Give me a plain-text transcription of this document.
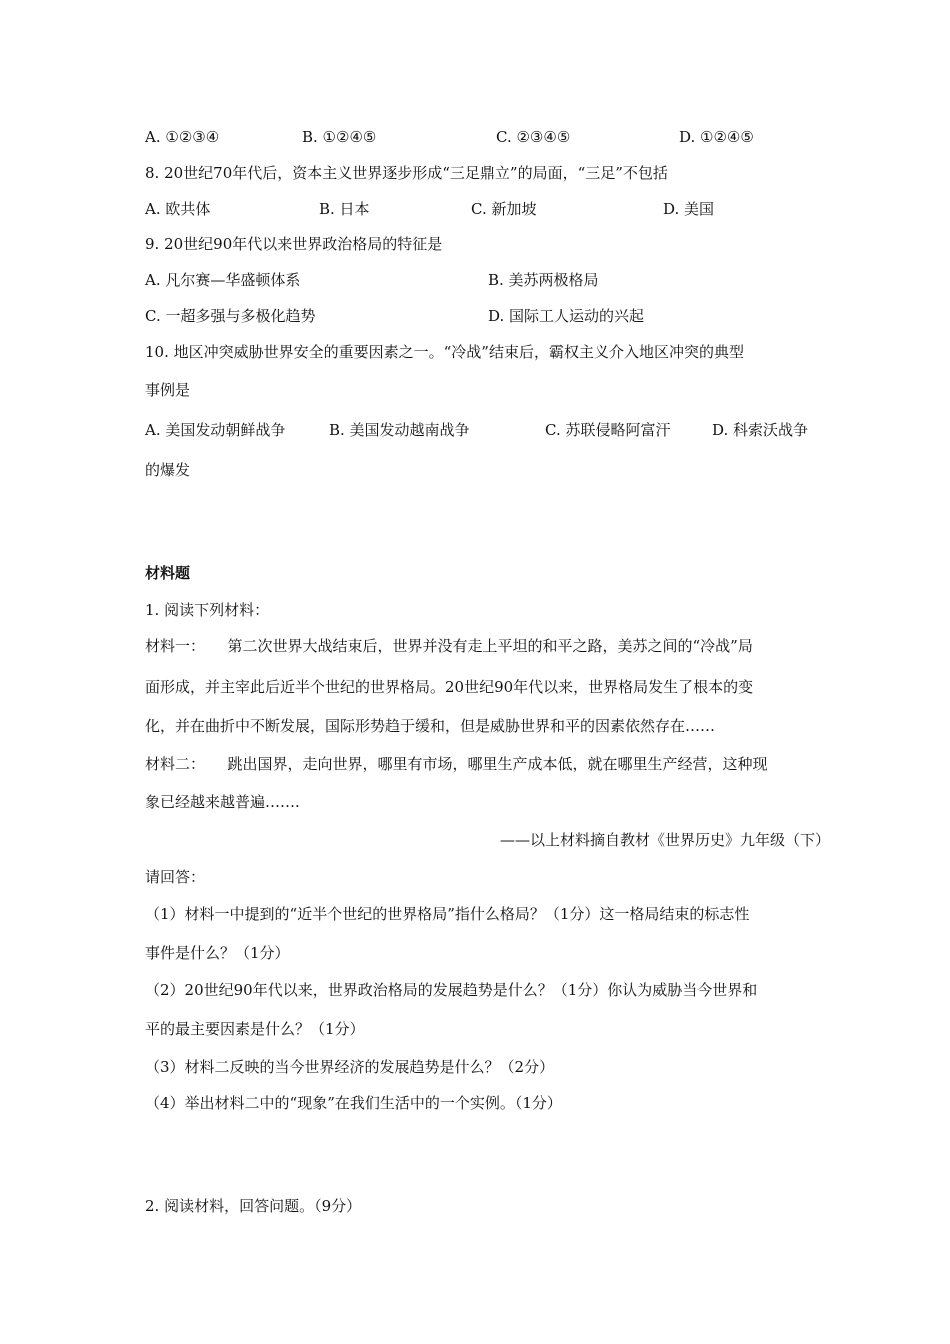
A. ①②③④	B. ①②④⑤	C. ②③④⑤	D. ①②④⑤
8. 20世纪70年代后，资本主义世界逐步形成“三足鼎立”的局面，“三足”不包括
A. 欧共体	B. 日本	C. 新加坡	D. 美国
9. 20世纪90年代以来世界政治格局的特征是
A. 凡尔赛—华盛顿体系	B. 美苏两极格局
C. 一超多强与多极化趋势	D. 国际工人运动的兴起
10. 地区冲突威胁世界安全的重要因素之一。“冷战”结束后，霸权主义介入地区冲突的典型
事例是
A. 美国发动朝鲜战争	B. 美国发动越南战争	C. 苏联侵略阿富汗	D. 科索沃战争
的爆发
材料题
1. 阅读下列材料：
材料一：　　第二次世界大战结束后，世界并没有走上平坦的和平之路，美苏之间的“冷战”局
面形成，并主宰此后近半个世纪的世界格局。20世纪90年代以来，世界格局发生了根本的变
化，并在曲折中不断发展，国际形势趋于缓和，但是威胁世界和平的因素依然存在……
材料二：　　跳出国界，走向世界，哪里有市场，哪里生产成本低，就在哪里生产经营，这种现
象已经越来越普遍…….
——以上材料摘自教材《世界历史》九年级（下）
请回答：
（1）材料一中提到的“近半个世纪的世界格局”指什么格局？（1分）这一格局结束的标志性
事件是什么？（1分）
（2）20世纪90年代以来，世界政治格局的发展趋势是什么？（1分）你认为威胁当今世界和
平的最主要因素是什么？（1分）
（3）材料二反映的当今世界经济的发展趋势是什么？（2分）
（4）举出材料二中的“现象”在我们生活中的一个实例。（1分）
2. 阅读材料，回答问题。（9分）
